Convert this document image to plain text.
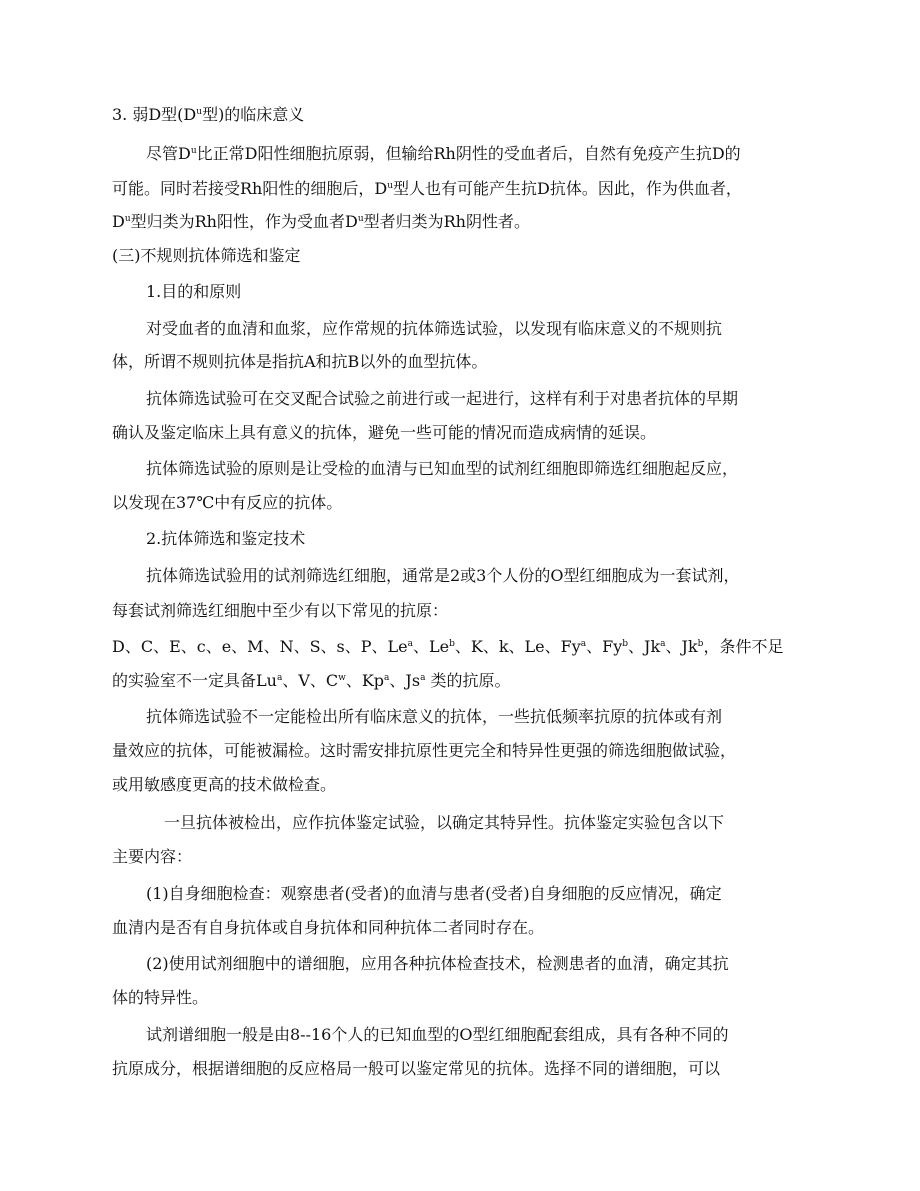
3. 弱D型($D^u$型)的临床意义
尽管$D^u$比正常D阳性细胞抗原弱，但输给Rh阴性的受血者后，自然有免疫产生抗D的
可能。同时若接受Rh阳性的细胞后，$D^u$型人也有可能产生抗D抗体。因此，作为供血者，
$D^u$型归类为Rh阳性，作为受血者$D^u$型者归类为Rh阴性者。
(三)不规则抗体筛选和鉴定
1.目的和原则
对受血者的血清和血浆，应作常规的抗体筛选试验，以发现有临床意义的不规则抗
体，所谓不规则抗体是指抗A和抗B以外的血型抗体。
抗体筛选试验可在交叉配合试验之前进行或一起进行，这样有利于对患者抗体的早期
确认及鉴定临床上具有意义的抗体，避免一些可能的情况而造成病情的延误。
抗体筛选试验的原则是让受检的血清与已知血型的试剂红细胞即筛选红细胞起反应，
以发现在37℃中有反应的抗体。
2.抗体筛选和鉴定技术
抗体筛选试验用的试剂筛选红细胞，通常是2或3个人份的O型红细胞成为一套试剂，
每套试剂筛选红细胞中至少有以下常见的抗原：
D、C、E、c、e、M、N、S、s、P、Le$^a$、Le$^b$、K、k、Le、Fy$^a$、Fy$^b$、Jk$^a$、Jk$^b$，条件不足
的实验室不一定具备Lu$^a$、V、$C^w$、Kp$^a$、Js$^a$ 类的抗原。
抗体筛选试验不一定能检出所有临床意义的抗体，一些抗低频率抗原的抗体或有剂
量效应的抗体，可能被漏检。这时需安排抗原性更完全和特异性更强的筛选细胞做试验，
或用敏感度更高的技术做检查。
一旦抗体被检出，应作抗体鉴定试验，以确定其特异性。抗体鉴定实验包含以下
主要内容：
(1)自身细胞检查：观察患者(受者)的血清与患者(受者)自身细胞的反应情况，确定
血清内是否有自身抗体或自身抗体和同种抗体二者同时存在。
(2)使用试剂细胞中的谱细胞，应用各种抗体检查技术，检测患者的血清，确定其抗
体的特异性。
试剂谱细胞一般是由8--16个人的已知血型的O型红细胞配套组成，具有各种不同的
抗原成分，根据谱细胞的反应格局一般可以鉴定常见的抗体。选择不同的谱细胞，可以
